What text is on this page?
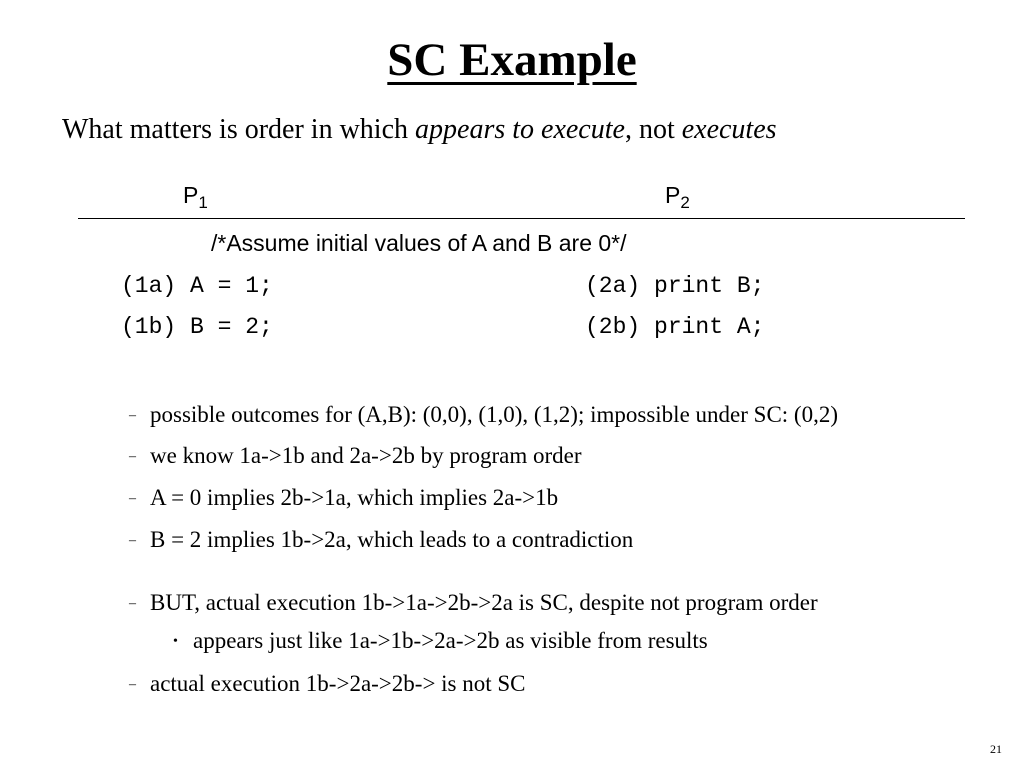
SC Example
What matters is order in which appears to execute, not executes
$P_1$	$P_2$
/*Assume initial values of A and B are 0*/
(1a) A = 1;
(1b) B = 2;
(2a) print B;
(2b) print A;
– possible outcomes for (A,B): (0,0), (1,0), (1,2); impossible under SC: (0,2)
– we know 1a->1b and 2a->2b by program order
– A = 0 implies 2b->1a, which implies 2a->1b
– B = 2 implies 1b->2a, which leads to a contradiction
– BUT, actual execution 1b->1a->2b->2a is SC, despite not program order
• appears just like 1a->1b->2a->2b as visible from results
– actual execution 1b->2a->2b-> is not SC
21
